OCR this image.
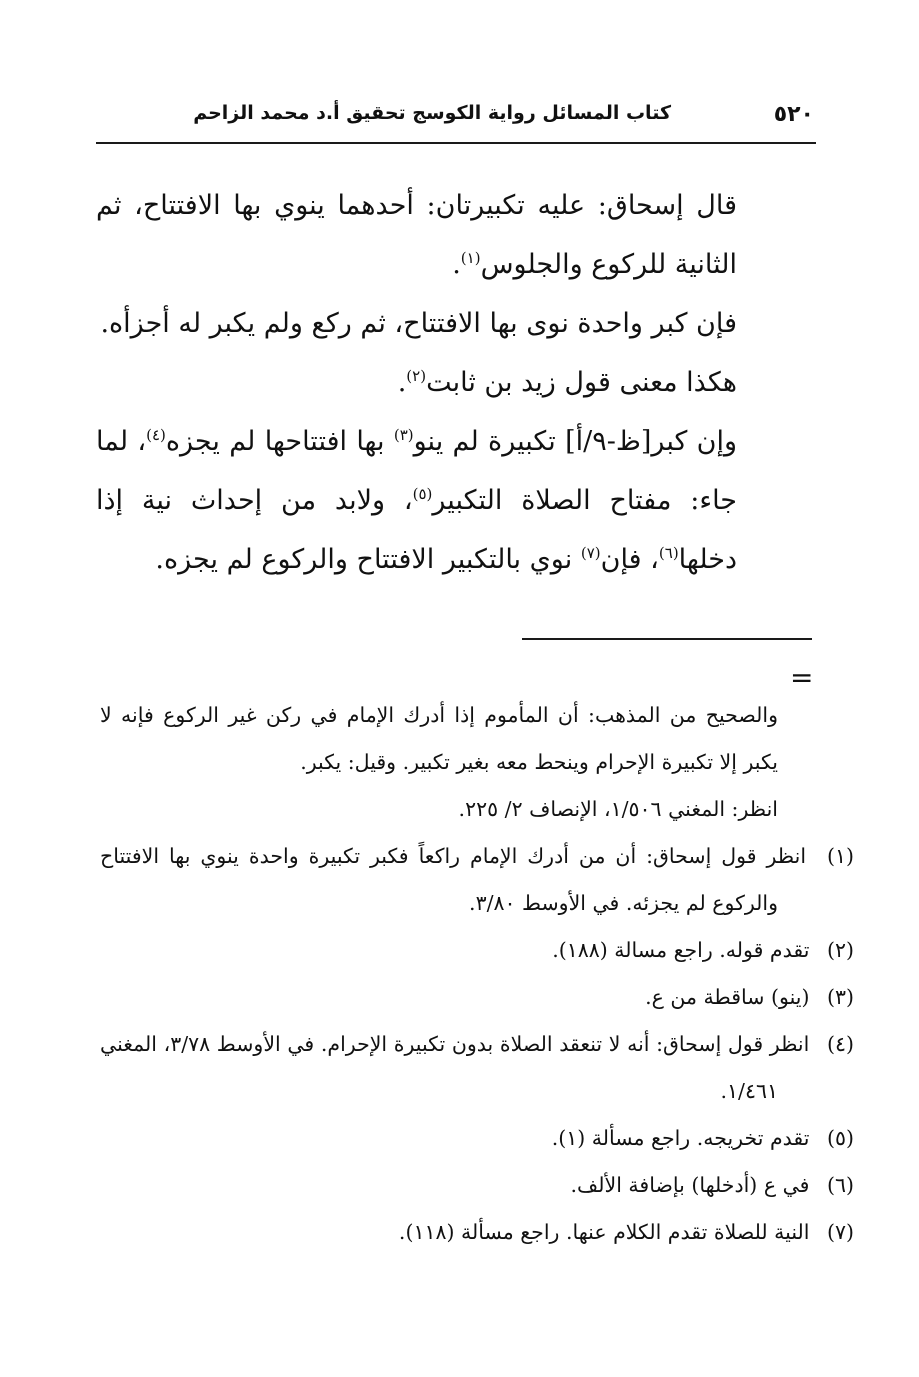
٥٢٠
كتاب المسائل رواية الكوسج تحقيق أ.د محمد الزاحم

قال إسحاق: عليه تكبيرتان: أحدهما ينوي بها الافتتاح، ثم الثانية للركوع والجلوس$^{(١)}$.

فإن كبر واحدة نوى بها الافتتاح، ثم ركع ولم يكبر له أجزأه.

هكذا معنى قول زيد بن ثابت$^{(٢)}$.

وإن كبر[ظ-٩/أ] تكبيرة لم ينو$^{(٣)}$ بها افتتاحها لم يجزه$^{(٤)}$، لما جاء: مفتاح الصلاة التكبير$^{(٥)}$، ولابد من إحداث نية إذا دخلها$^{(٦)}$، فإن$^{(٧)}$ نوي بالتكبير الافتتاح والركوع لم يجزه.

=

والصحيح من المذهب: أن المأموم إذا أدرك الإمام في ركن غير الركوع فإنه لا يكبر إلا تكبيرة الإحرام وينحط معه بغير تكبير. وقيل: يكبر.

انظر: المغني ١/٥٠٦، الإنصاف ٢/ ٢٢٥.

(١) انظر قول إسحاق: أن من أدرك الإمام راكعاً فكبر تكبيرة واحدة ينوي بها الافتتاح والركوع لم يجزئه. في الأوسط ٣/٨٠.

(٢) تقدم قوله. راجع مسالة (١٨٨).

(٣) (ينو) ساقطة من ع.

(٤) انظر قول إسحاق: أنه لا تنعقد الصلاة بدون تكبيرة الإحرام. في الأوسط ٣/٧٨، المغني ١/٤٦١.

(٥) تقدم تخريجه. راجع مسألة (١).

(٦) في ع (أدخلها) بإضافة الألف.

(٧) النية للصلاة تقدم الكلام عنها. راجع مسألة (١١٨).
